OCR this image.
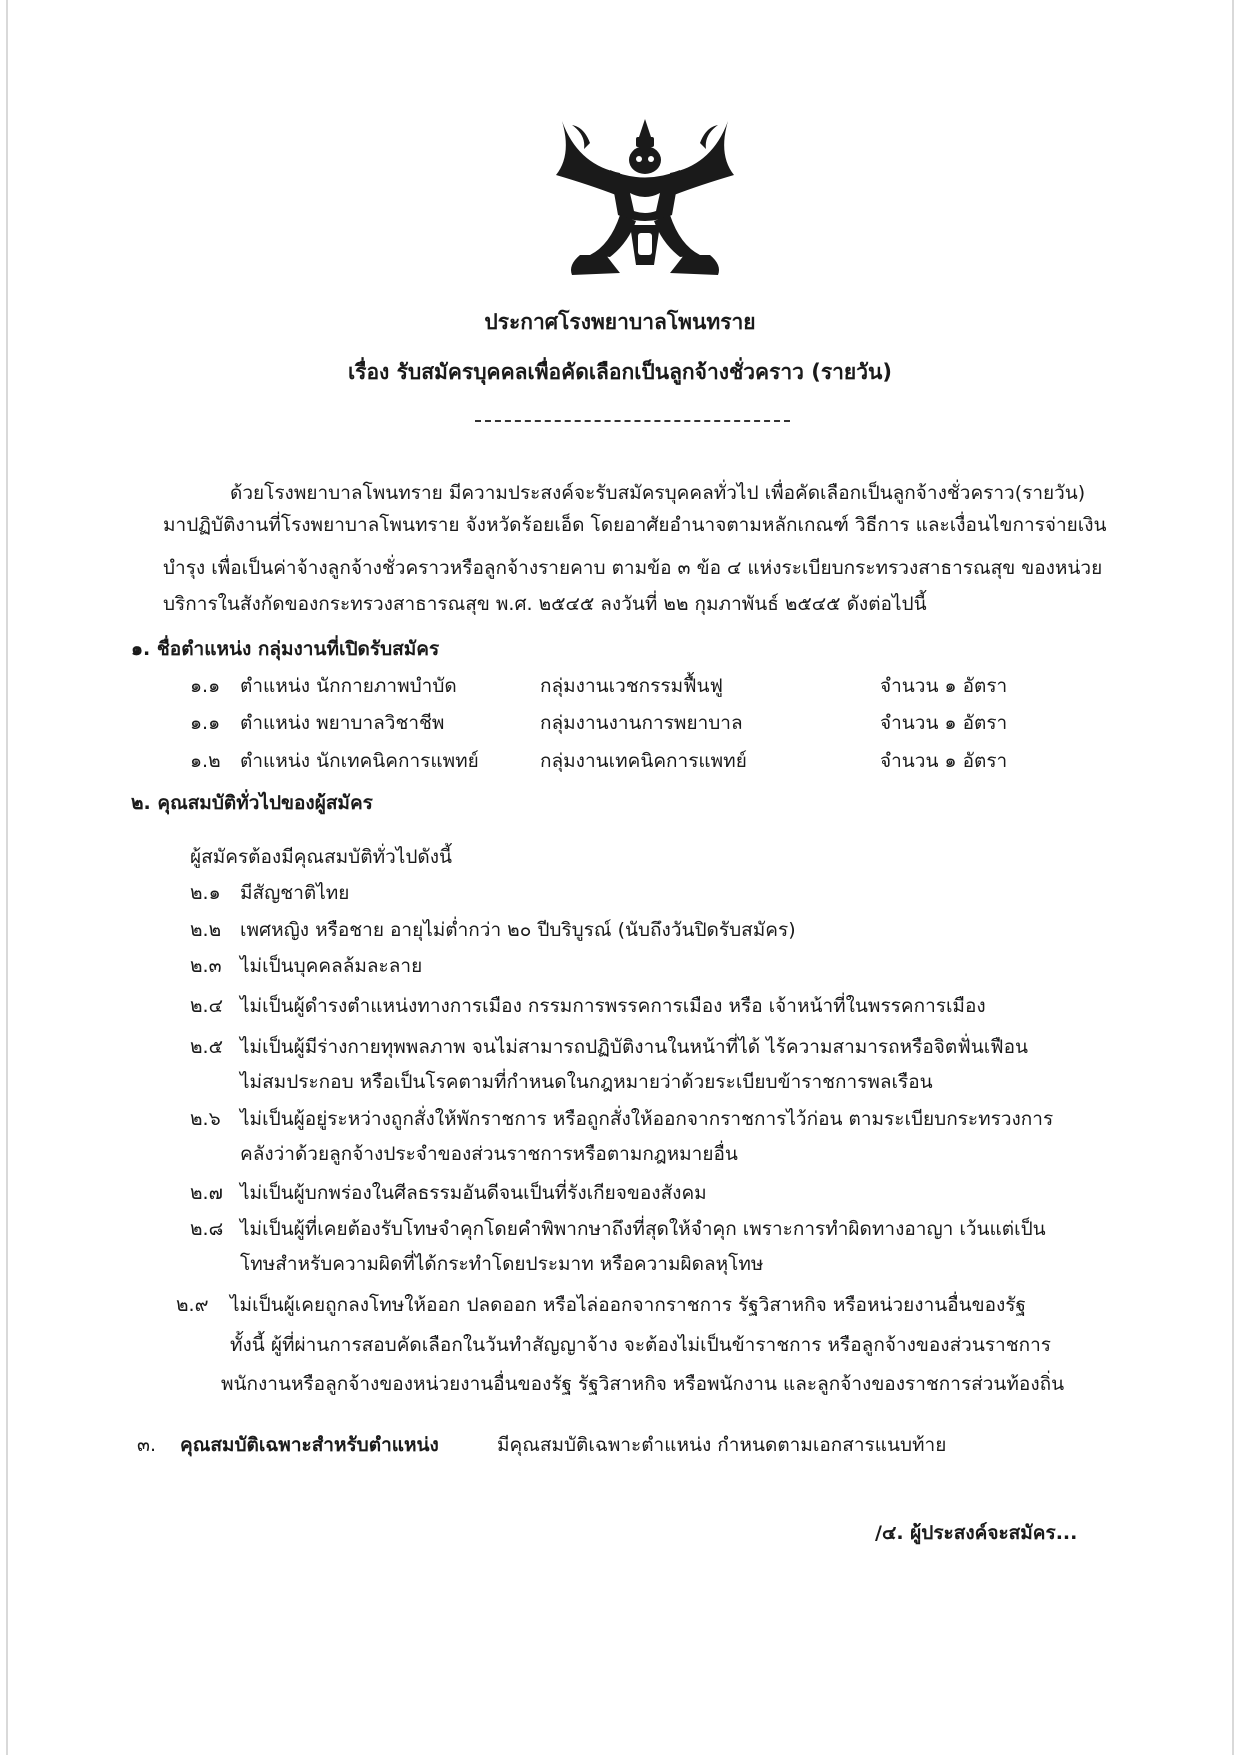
ประกาศโรงพยาบาลโพนทราย
เรื่อง รับสมัครบุคคลเพื่อคัดเลือกเป็นลูกจ้างชั่วคราว (รายวัน)
ด้วยโรงพยาบาลโพนทราย มีความประสงค์จะรับสมัครบุคคลทั่วไป เพื่อคัดเลือกเป็นลูกจ้างชั่วคราว(รายวัน)
มาปฏิบัติงานที่โรงพยาบาลโพนทราย จังหวัดร้อยเอ็ด โดยอาศัยอำนาจตามหลักเกณฑ์ วิธีการ และเงื่อนไขการจ่ายเงิน
บำรุง เพื่อเป็นค่าจ้างลูกจ้างชั่วคราวหรือลูกจ้างรายคาบ ตามข้อ ๓ ข้อ ๔ แห่งระเบียบกระทรวงสาธารณสุข ของหน่วย
บริการในสังกัดของกระทรวงสาธารณสุข พ.ศ. ๒๕๔๕ ลงวันที่ ๒๒ กุมภาพันธ์ ๒๕๔๕ ดังต่อไปนี้
๑. ชื่อตำแหน่ง กลุ่มงานที่เปิดรับสมัคร
๑.๑ ตำแหน่ง นักกายภาพบำบัด	กลุ่มงานเวชกรรมฟื้นฟู	จำนวน ๑ อัตรา
๑.๑ ตำแหน่ง พยาบาลวิชาชีพ	กลุ่มงานงานการพยาบาล	จำนวน ๑ อัตรา
๑.๒ ตำแหน่ง นักเทคนิคการแพทย์	กลุ่มงานเทคนิคการแพทย์	จำนวน ๑ อัตรา
๒. คุณสมบัติทั่วไปของผู้สมัคร
ผู้สมัครต้องมีคุณสมบัติทั่วไปดังนี้
๒.๑ มีสัญชาติไทย
๒.๒ เพศหญิง หรือชาย อายุไม่ต่ำกว่า ๒๐ ปีบริบูรณ์ (นับถึงวันปิดรับสมัคร)
๒.๓ ไม่เป็นบุคคลล้มละลาย
๒.๔ ไม่เป็นผู้ดำรงตำแหน่งทางการเมือง กรรมการพรรคการเมือง หรือ เจ้าหน้าที่ในพรรคการเมือง
๒.๕ ไม่เป็นผู้มีร่างกายทุพพลภาพ จนไม่สามารถปฏิบัติงานในหน้าที่ได้ ไร้ความสามารถหรือจิตฟั่นเฟือน
ไม่สมประกอบ หรือเป็นโรคตามที่กำหนดในกฎหมายว่าด้วยระเบียบข้าราชการพลเรือน
๒.๖ ไม่เป็นผู้อยู่ระหว่างถูกสั่งให้พักราชการ หรือถูกสั่งให้ออกจากราชการไว้ก่อน ตามระเบียบกระทรวงการ
คลังว่าด้วยลูกจ้างประจำของส่วนราชการหรือตามกฎหมายอื่น
๒.๗ ไม่เป็นผู้บกพร่องในศีลธรรมอันดีจนเป็นที่รังเกียจของสังคม
๒.๘ ไม่เป็นผู้ที่เคยต้องรับโทษจำคุกโดยคำพิพากษาถึงที่สุดให้จำคุก เพราะการทำผิดทางอาญา เว้นแต่เป็น
โทษสำหรับความผิดที่ได้กระทำโดยประมาท หรือความผิดลหุโทษ
๒.๙ ไม่เป็นผู้เคยถูกลงโทษให้ออก ปลดออก หรือไล่ออกจากราชการ รัฐวิสาหกิจ หรือหน่วยงานอื่นของรัฐ
ทั้งนี้ ผู้ที่ผ่านการสอบคัดเลือกในวันทำสัญญาจ้าง จะต้องไม่เป็นข้าราชการ หรือลูกจ้างของส่วนราชการ
พนักงานหรือลูกจ้างของหน่วยงานอื่นของรัฐ รัฐวิสาหกิจ หรือพนักงาน และลูกจ้างของราชการส่วนท้องถิ่น
๓. คุณสมบัติเฉพาะสำหรับตำแหน่ง	มีคุณสมบัติเฉพาะตำแหน่ง กำหนดตามเอกสารแนบท้าย
/๔. ผู้ประสงค์จะสมัคร...
